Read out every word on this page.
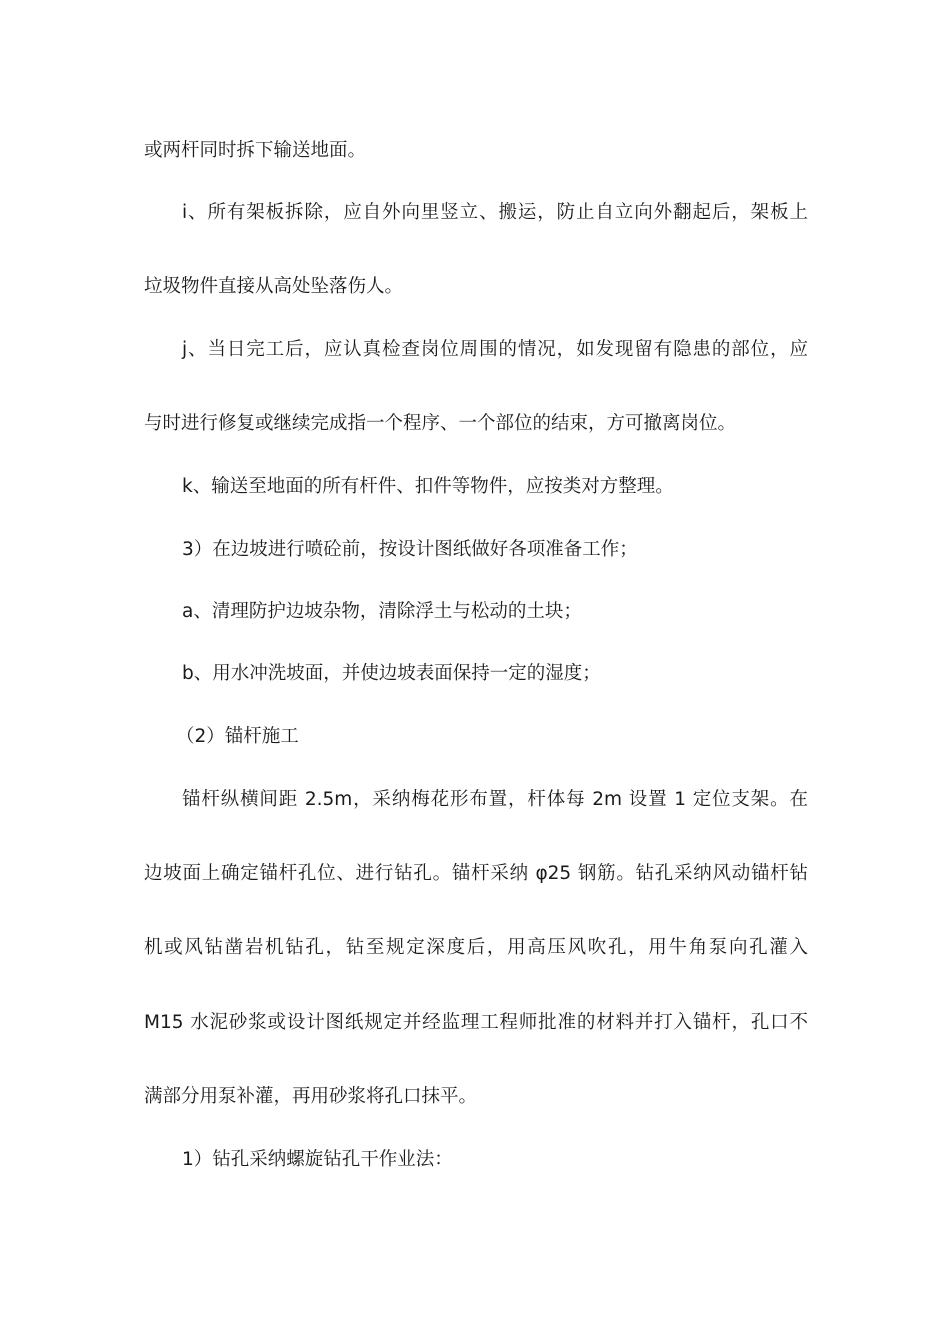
或两杆同时拆下输送地面。

i、所有架板拆除，应自外向里竖立、搬运，防止自立向外翻起后，架板上

垃圾物件直接从高处坠落伤人。

j、当日完工后，应认真检查岗位周围的情况，如发现留有隐患的部位，应

与时进行修复或继续完成指一个程序、一个部位的结束，方可撤离岗位。

k、输送至地面的所有杆件、扣件等物件，应按类对方整理。

3）在边坡进行喷砼前，按设计图纸做好各项准备工作；

a、清理防护边坡杂物，清除浮土与松动的土块；

b、用水冲洗坡面，并使边坡表面保持一定的湿度；

（2）锚杆施工

锚杆纵横间距 2.5m，采纳梅花形布置，杆体每 2m 设置 1 定位支架。在

边坡面上确定锚杆孔位、进行钻孔。锚杆采纳 φ25 钢筋。钻孔采纳风动锚杆钻

机或风钻凿岩机钻孔，钻至规定深度后，用高压风吹孔，用牛角泵向孔灌入

M15 水泥砂浆或设计图纸规定并经监理工程师批准的材料并打入锚杆，孔口不

满部分用泵补灌，再用砂浆将孔口抹平。

1）钻孔采纳螺旋钻孔干作业法：
